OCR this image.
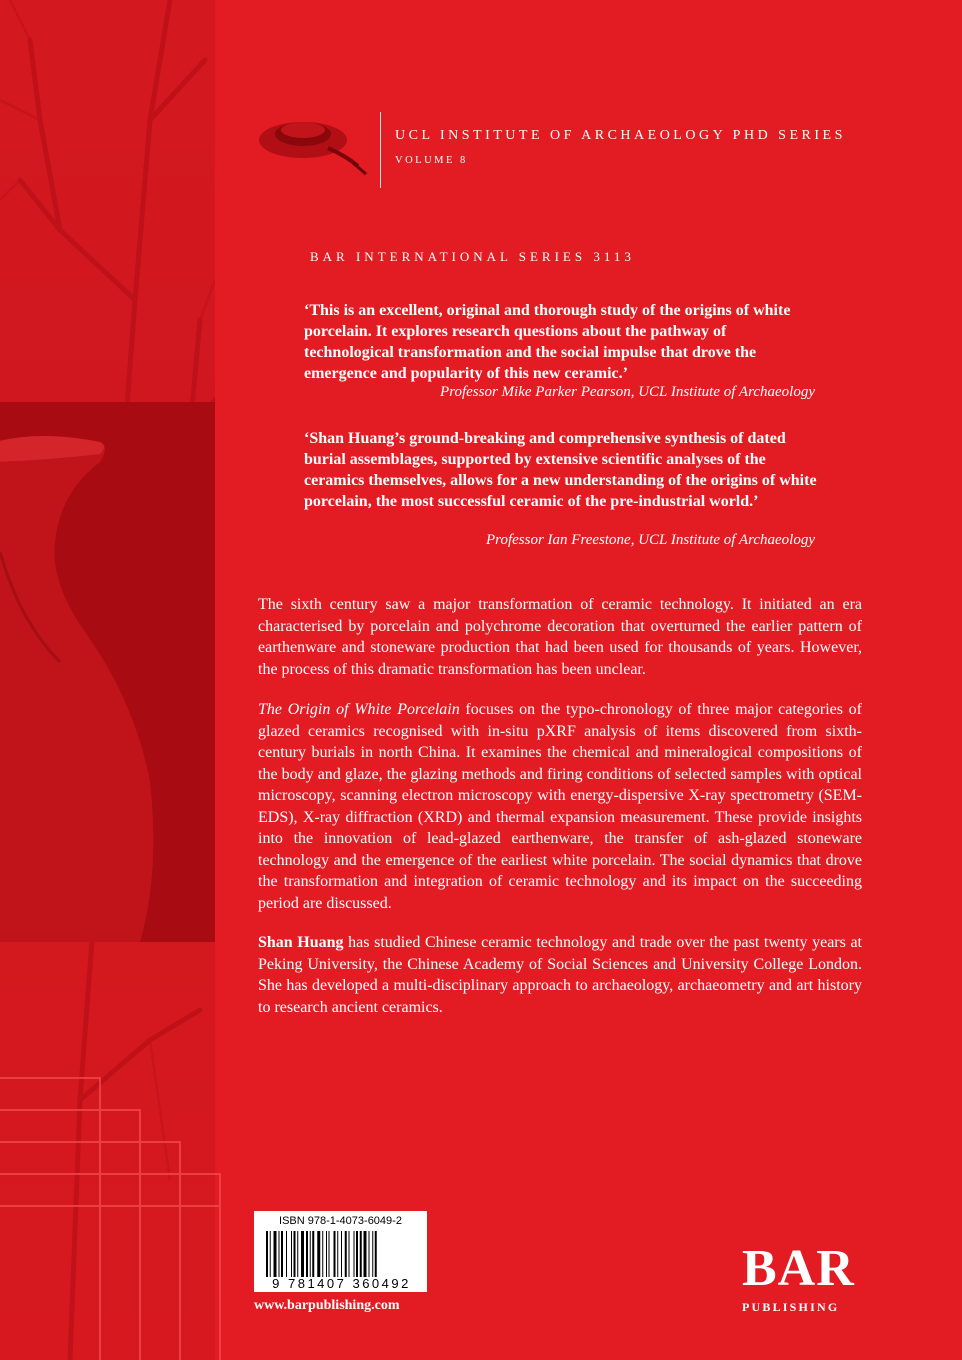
UCL INSTITUTE OF ARCHAEOLOGY PHD SERIES
VOLUME 8
BAR INTERNATIONAL SERIES 3113
‘This is an excellent, original and thorough study of the origins of white porcelain. It explores research questions about the pathway of technological transformation and the social impulse that drove the emergence and popularity of this new ceramic.’
Professor Mike Parker Pearson, UCL Institute of Archaeology
‘Shan Huang’s ground-breaking and comprehensive synthesis of dated burial assemblages, supported by extensive scientific analyses of the ceramics themselves, allows for a new understanding of the origins of white porcelain, the most successful ceramic of the pre-industrial world.’
Professor Ian Freestone, UCL Institute of Archaeology

The sixth century saw a major transformation of ceramic technology. It initiated an era characterised by porcelain and polychrome decoration that overturned the earlier pattern of earthenware and stoneware production that had been used for thousands of years. However, the process of this dramatic transformation has been unclear.

The Origin of White Porcelain focuses on the typo-chronology of three major categories of glazed ceramics recognised with in-situ pXRF analysis of items discovered from sixth-century burials in north China. It examines the chemical and mineralogical compositions of the body and glaze, the glazing methods and firing conditions of selected samples with optical microscopy, scanning electron microscopy with energy-dispersive X-ray spectrometry (SEM-EDS), X-ray diffraction (XRD) and thermal expansion measurement. These provide insights into the innovation of lead-glazed earthenware, the transfer of ash-glazed stoneware technology and the emergence of the earliest white porcelain. The social dynamics that drove the transformation and integration of ceramic technology and its impact on the succeeding period are discussed.

Shan Huang has studied Chinese ceramic technology and trade over the past twenty years at Peking University, the Chinese Academy of Social Sciences and University College London. She has developed a multi-disciplinary approach to archaeology, archaeometry and art history to research ancient ceramics.

ISBN 978-1-4073-6049-2
9 781407 360492
www.barpublishing.com
BAR
PUBLISHING
